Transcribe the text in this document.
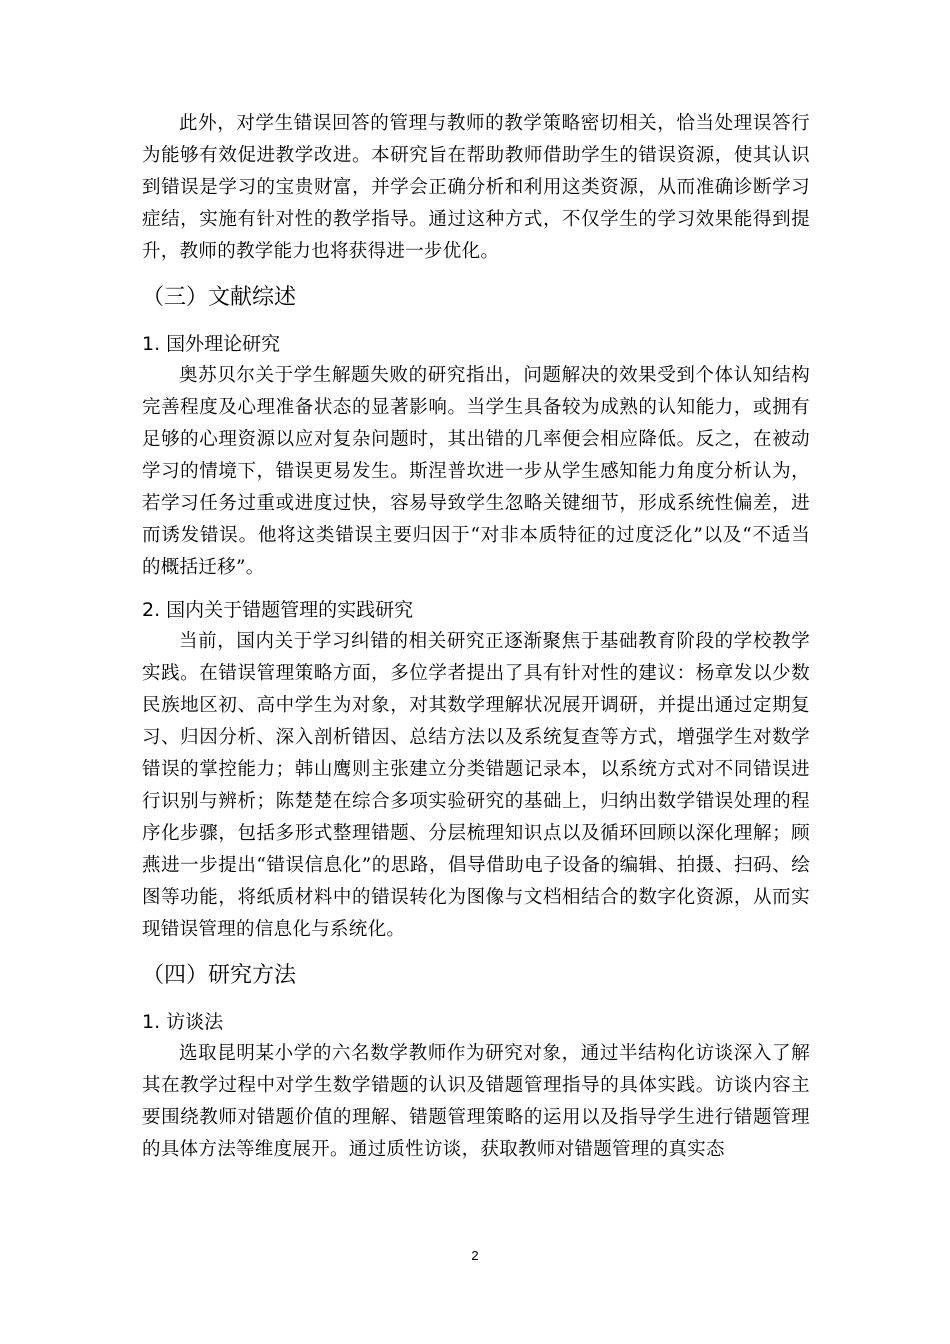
此外，对学生错误回答的管理与教师的教学策略密切相关，恰当处理误答行为能够有效促进教学改进。本研究旨在帮助教师借助学生的错误资源，使其认识到错误是学习的宝贵财富，并学会正确分析和利用这类资源，从而准确诊断学习症结，实施有针对性的教学指导。通过这种方式，不仅学生的学习效果能得到提升，教师的教学能力也将获得进一步优化。

（三）文献综述
1. 国外理论研究

奥苏贝尔关于学生解题失败的研究指出，问题解决的效果受到个体认知结构完善程度及心理准备状态的显著影响。当学生具备较为成熟的认知能力，或拥有足够的心理资源以应对复杂问题时，其出错的几率便会相应降低。反之，在被动学习的情境下，错误更易发生。斯涅普坎进一步从学生感知能力角度分析认为，若学习任务过重或进度过快，容易导致学生忽略关键细节，形成系统性偏差，进而诱发错误。他将这类错误主要归因于“对非本质特征的过度泛化”以及“不适当的概括迁移”。

2. 国内关于错题管理的实践研究

当前，国内关于学习纠错的相关研究正逐渐聚焦于基础教育阶段的学校教学实践。在错误管理策略方面，多位学者提出了具有针对性的建议：杨章发以少数民族地区初、高中学生为对象，对其数学理解状况展开调研，并提出通过定期复习、归因分析、深入剖析错因、总结方法以及系统复查等方式，增强学生对数学错误的掌控能力；韩山鹰则主张建立分类错题记录本，以系统方式对不同错误进行识别与辨析；陈楚楚在综合多项实验研究的基础上，归纳出数学错误处理的程序化步骤，包括多形式整理错题、分层梳理知识点以及循环回顾以深化理解；顾燕进一步提出“错误信息化”的思路，倡导借助电子设备的编辑、拍摄、扫码、绘图等功能，将纸质材料中的错误转化为图像与文档相结合的数字化资源，从而实现错误管理的信息化与系统化。

（四）研究方法
1. 访谈法

选取昆明某小学的六名数学教师作为研究对象，通过半结构化访谈深入了解其在教学过程中对学生数学错题的认识及错题管理指导的具体实践。访谈内容主要围绕教师对错题价值的理解、错题管理策略的运用以及指导学生进行错题管理的具体方法等维度展开。通过质性访谈，获取教师对错题管理的真实态

2
